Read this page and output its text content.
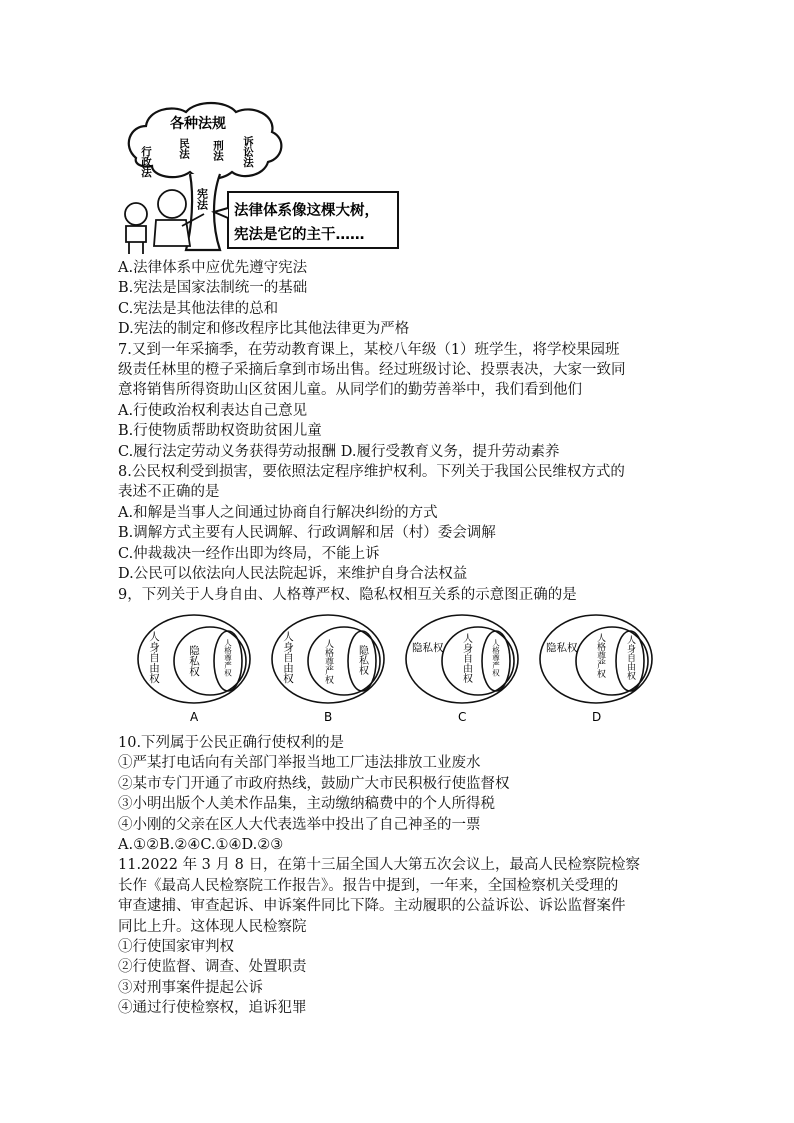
各种法规
行政法 民法 刑法 诉讼法
宪法
法律体系像这棵大树，
宪法是它的主干……
A.法律体系中应优先遵守宪法
B.宪法是国家法制统一的基础
C.宪法是其他法律的总和
D.宪法的制定和修改程序比其他法律更为严格
7.又到一年采摘季，在劳动教育课上，某校八年级（1）班学生，将学校果园班
级责任林里的橙子采摘后拿到市场出售。经过班级讨论、投票表决，大家一致同
意将销售所得资助山区贫困儿童。从同学们的勤劳善举中，我们看到他们
A.行使政治权利表达自己意见
B.行使物质帮助权资助贫困儿童
C.履行法定劳动义务获得劳动报酬 D.履行受教育义务，提升劳动素养
8.公民权利受到损害，要依照法定程序维护权利。下列关于我国公民维权方式的
表述不正确的是
A.和解是当事人之间通过协商自行解决纠纷的方式
B.调解方式主要有人民调解、行政调解和居（村）委会调解
C.仲裁裁决一经作出即为终局，不能上诉
D.公民可以依法向人民法院起诉，来维护自身合法权益
9，下列关于人身自由、人格尊严权、隐私权相互关系的示意图正确的是
人身自由权	隐私权	人格尊严权
A
人身自由权	人格尊严权 隐私权
B
隐私权 人身自由权	人格尊严权
C
隐私权 人格尊严权 人身自由权
D
10.下列属于公民正确行使权利的是
①严某打电话向有关部门举报当地工厂违法排放工业废水
②某市专门开通了市政府热线，鼓励广大市民积极行使监督权
③小明出版个人美术作品集，主动缴纳稿费中的个人所得税
④小刚的父亲在区人大代表选举中投出了自己神圣的一票
A.①②B.②④C.①④D.②③
11.2022 年 3 月 8 日，在第十三届全国人大第五次会议上，最高人民检察院检察
长作《最高人民检察院工作报告》。报告中提到，一年来，全国检察机关受理的
审查逮捕、审查起诉、申诉案件同比下降。主动履职的公益诉讼、诉讼监督案件
同比上升。这体现人民检察院
①行使国家审判权
②行使监督、调查、处置职责
③对刑事案件提起公诉
④通过行使检察权，追诉犯罪
